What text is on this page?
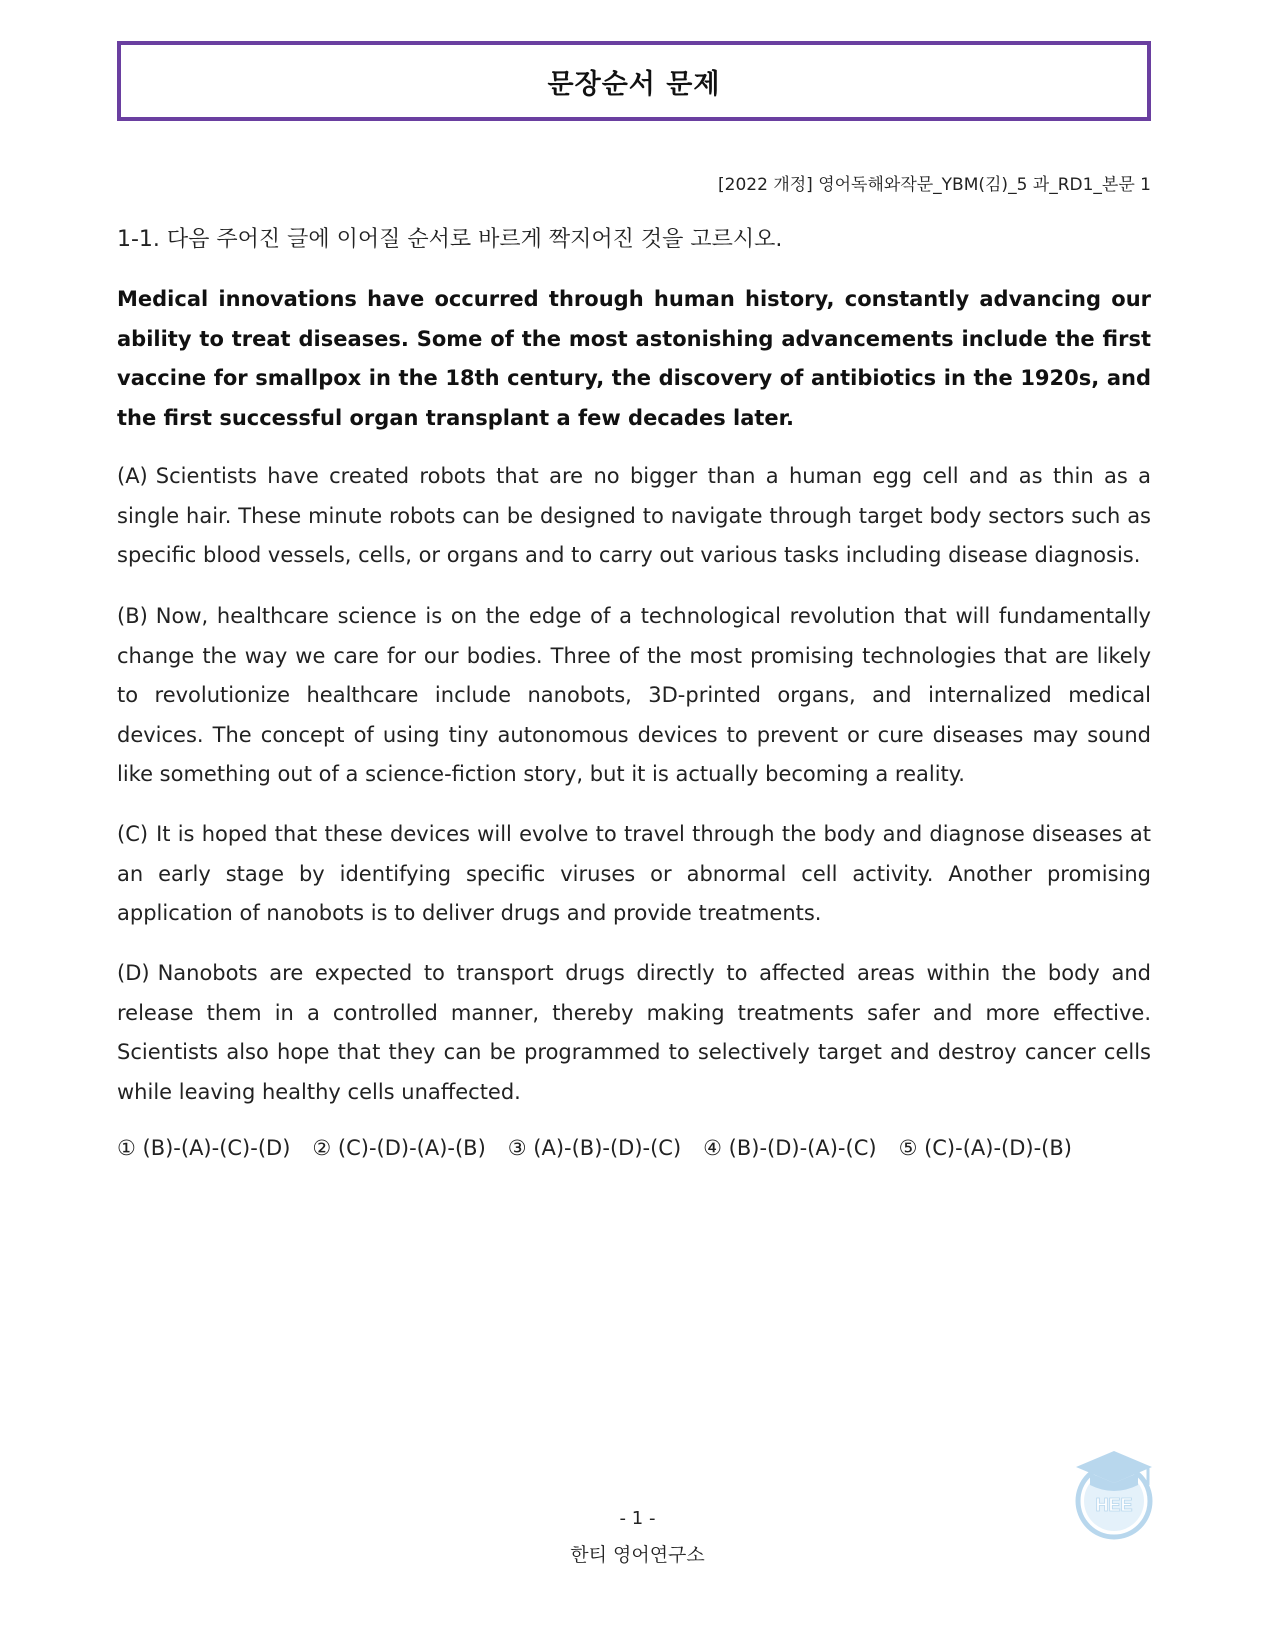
문장순서 문제
[2022 개정] 영어독해와작문_YBM(김)_5 과_RD1_본문 1
1-1. 다음 주어진 글에 이어질 순서로 바르게 짝지어진 것을 고르시오.
Medical innovations have occurred through human history, constantly advancing our ability to treat diseases. Some of the most astonishing advancements include the first vaccine for smallpox in the 18th century, the discovery of antibiotics in the 1920s, and the first successful organ transplant a few decades later.
(A) Scientists have created robots that are no bigger than a human egg cell and as thin as a single hair. These minute robots can be designed to navigate through target body sectors such as specific blood vessels, cells, or organs and to carry out various tasks including disease diagnosis.
(B) Now, healthcare science is on the edge of a technological revolution that will fundamentally change the way we care for our bodies. Three of the most promising technologies that are likely to revolutionize healthcare include nanobots, 3D-printed organs, and internalized medical devices. The concept of using tiny autonomous devices to prevent or cure diseases may sound like something out of a science-fiction story, but it is actually becoming a reality.
(C) It is hoped that these devices will evolve to travel through the body and diagnose diseases at an early stage by identifying specific viruses or abnormal cell activity. Another promising application of nanobots is to deliver drugs and provide treatments.
(D) Nanobots are expected to transport drugs directly to affected areas within the body and release them in a controlled manner, thereby making treatments safer and more effective. Scientists also hope that they can be programmed to selectively target and destroy cancer cells while leaving healthy cells unaffected.
① (B)-(A)-(C)-(D) ② (C)-(D)-(A)-(B) ③ (A)-(B)-(D)-(C) ④ (B)-(D)-(A)-(C) ⑤ (C)-(A)-(D)-(B)
- 1 -
한티 영어연구소
HEE
